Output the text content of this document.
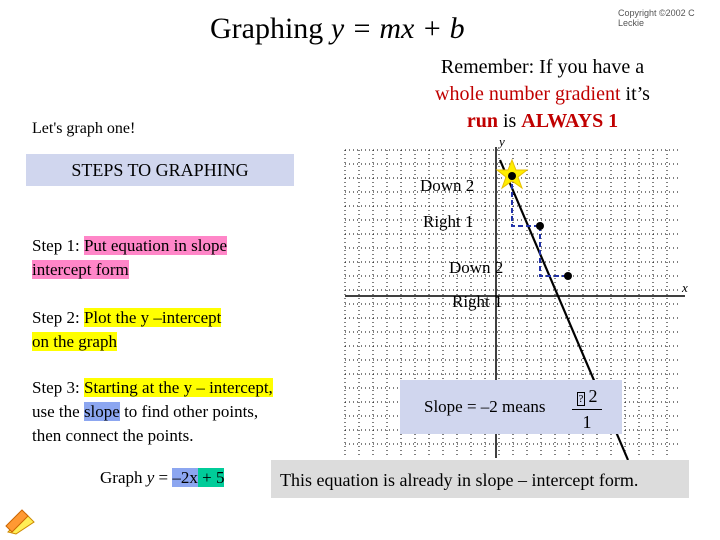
Graphing y = mx + b	Copyright ©2002 C Leckie
Remember: If you have a
whole number gradient it’s
run is ALWAYS 1
Let's graph one!
STEPS TO GRAPHING
Step 1: Put equation in slope
intercept form
Step 2: Plot the y –intercept
on the graph
Step 3: Starting at the y – intercept,
use the slope to find other points,
then connect the points.
Graph y = –2x + 5
x
y
Down 2
Right 1
Down 2
Right 1
Slope = –2 means	? 2
1
This equation is already in slope – intercept form.
